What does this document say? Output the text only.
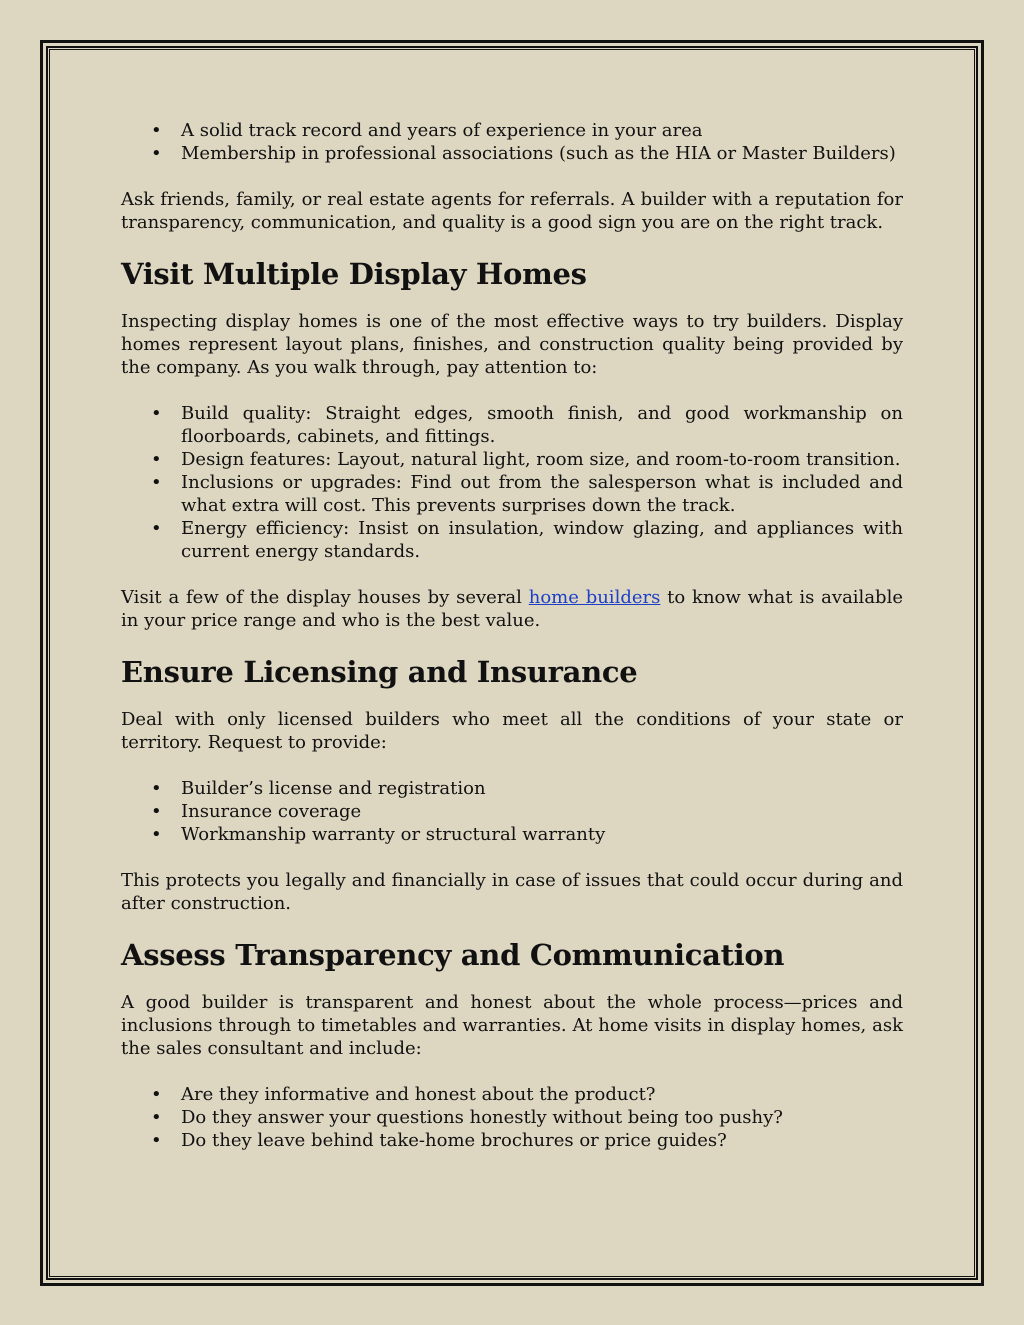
• A solid track record and years of experience in your area
• Membership in professional associations (such as the HIA or Master Builders)

Ask friends, family, or real estate agents for referrals. A builder with a reputation for transparency, communication, and quality is a good sign you are on the right track.

Visit Multiple Display Homes

Inspecting display homes is one of the most effective ways to try builders. Display homes represent layout plans, finishes, and construction quality being provided by the company. As you walk through, pay attention to:

• Build quality: Straight edges, smooth finish, and good workmanship on floorboards, cabinets, and fittings.
• Design features: Layout, natural light, room size, and room-to-room transition.
• Inclusions or upgrades: Find out from the salesperson what is included and what extra will cost. This prevents surprises down the track.
• Energy efficiency: Insist on insulation, window glazing, and appliances with current energy standards.

Visit a few of the display houses by several home builders to know what is available in your price range and who is the best value.

Ensure Licensing and Insurance

Deal with only licensed builders who meet all the conditions of your state or territory. Request to provide:

• Builder’s license and registration
• Insurance coverage
• Workmanship warranty or structural warranty

This protects you legally and financially in case of issues that could occur during and after construction.

Assess Transparency and Communication

A good builder is transparent and honest about the whole process—prices and inclusions through to timetables and warranties. At home visits in display homes, ask the sales consultant and include:

• Are they informative and honest about the product?
• Do they answer your questions honestly without being too pushy?
• Do they leave behind take-home brochures or price guides?
